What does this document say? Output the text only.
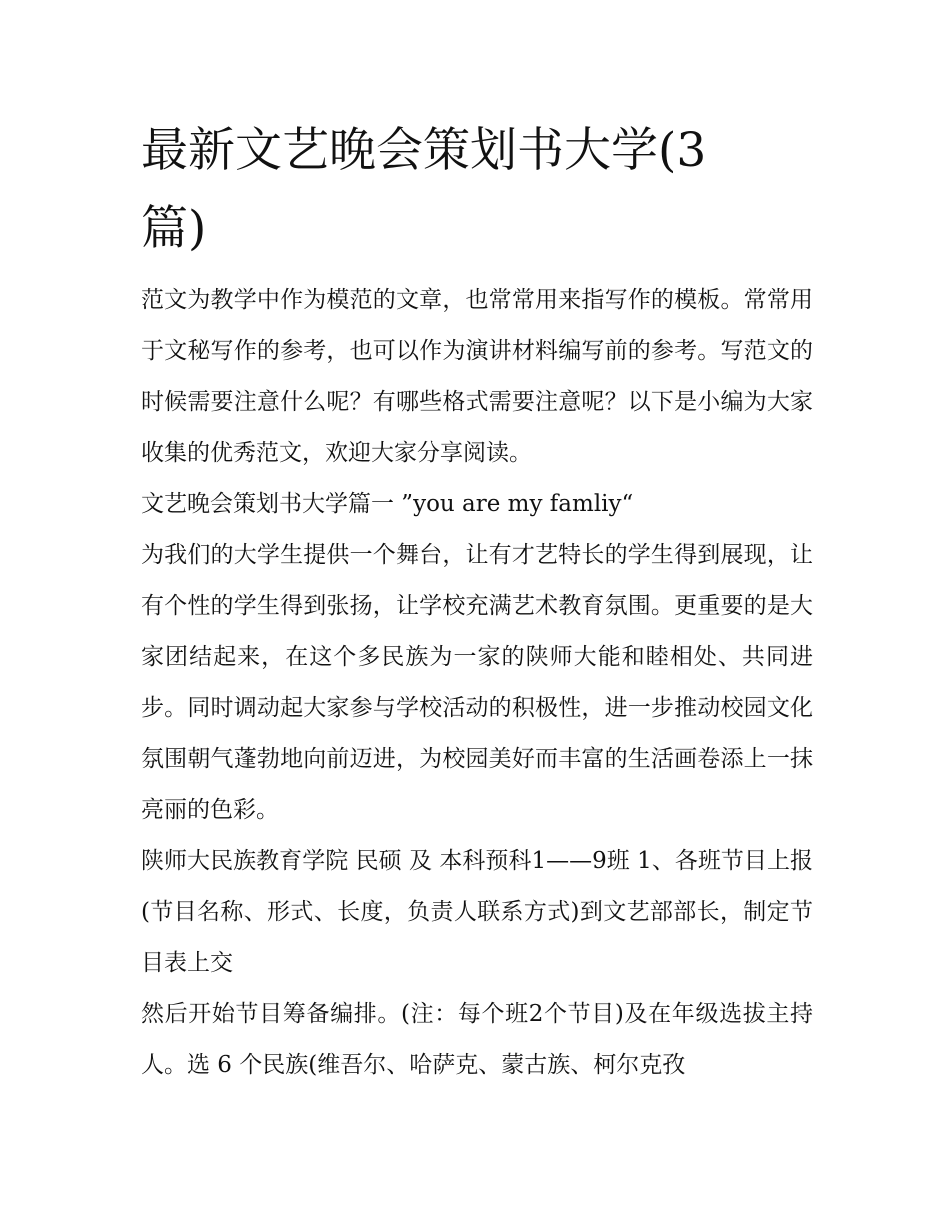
最新文艺晚会策划书大学(3篇)

范文为教学中作为模范的文章，也常常用来指写作的模板。常常用于文秘写作的参考，也可以作为演讲材料编写前的参考。写范文的时候需要注意什么呢？有哪些格式需要注意呢？以下是小编为大家收集的优秀范文，欢迎大家分享阅读。

文艺晚会策划书大学篇一 ”you are my famliy“

为我们的大学生提供一个舞台，让有才艺特长的学生得到展现，让有个性的学生得到张扬，让学校充满艺术教育氛围。更重要的是大家团结起来，在这个多民族为一家的陕师大能和睦相处、共同进步。同时调动起大家参与学校活动的积极性，进一步推动校园文化氛围朝气蓬勃地向前迈进，为校园美好而丰富的生活画卷添上一抹亮丽的色彩。

陕师大民族教育学院 民硕 及 本科预科1——9班 1、各班节目上报(节目名称、形式、长度，负责人联系方式)到文艺部部长，制定节目表上交

然后开始节目筹备编排。(注：每个班2个节目)及在年级选拔主持人。选 6 个民族(维吾尔、哈萨克、蒙古族、柯尔克孜
